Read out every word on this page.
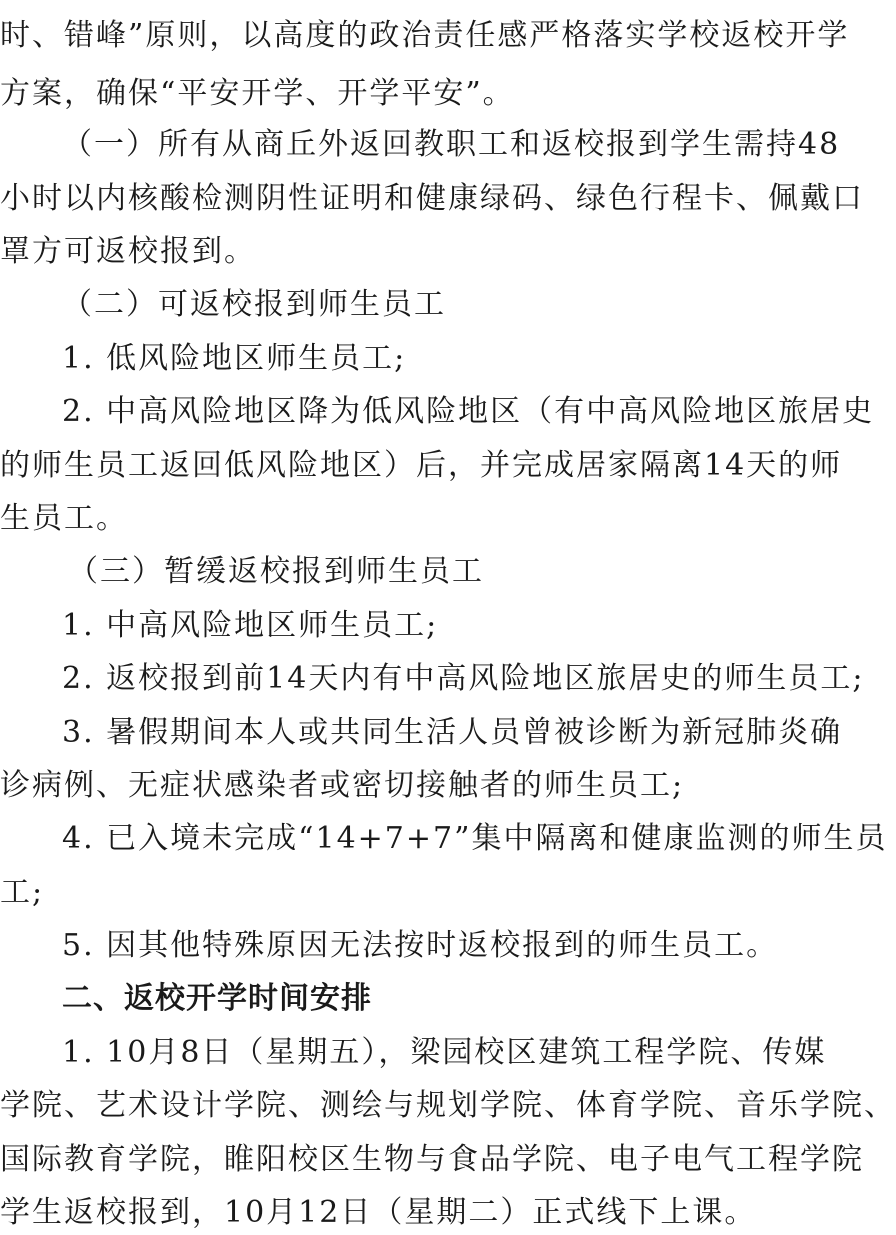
时、错峰”原则，以高度的政治责任感严格落实学校返校开学
方案，确保“平安开学、开学平安”。
（一）所有从商丘外返回教职工和返校报到学生需持48
小时以内核酸检测阴性证明和健康绿码、绿色行程卡、佩戴口
罩方可返校报到。
（二）可返校报到师生员工
1. 低风险地区师生员工;
2. 中高风险地区降为低风险地区（有中高风险地区旅居史
的师生员工返回低风险地区）后，并完成居家隔离14天的师
生员工。
（三）暂缓返校报到师生员工
1. 中高风险地区师生员工;
2. 返校报到前14天内有中高风险地区旅居史的师生员工;
3. 暑假期间本人或共同生活人员曾被诊断为新冠肺炎确
诊病例、无症状感染者或密切接触者的师生员工;
4. 已入境未完成“14+7+7”集中隔离和健康监测的师生员
工;
5. 因其他特殊原因无法按时返校报到的师生员工。
二、返校开学时间安排
1. 10月8日（星期五），梁园校区建筑工程学院、传媒
学院、艺术设计学院、测绘与规划学院、体育学院、音乐学院、
国际教育学院，睢阳校区生物与食品学院、电子电气工程学院
学生返校报到，10月12日（星期二）正式线下上课。
